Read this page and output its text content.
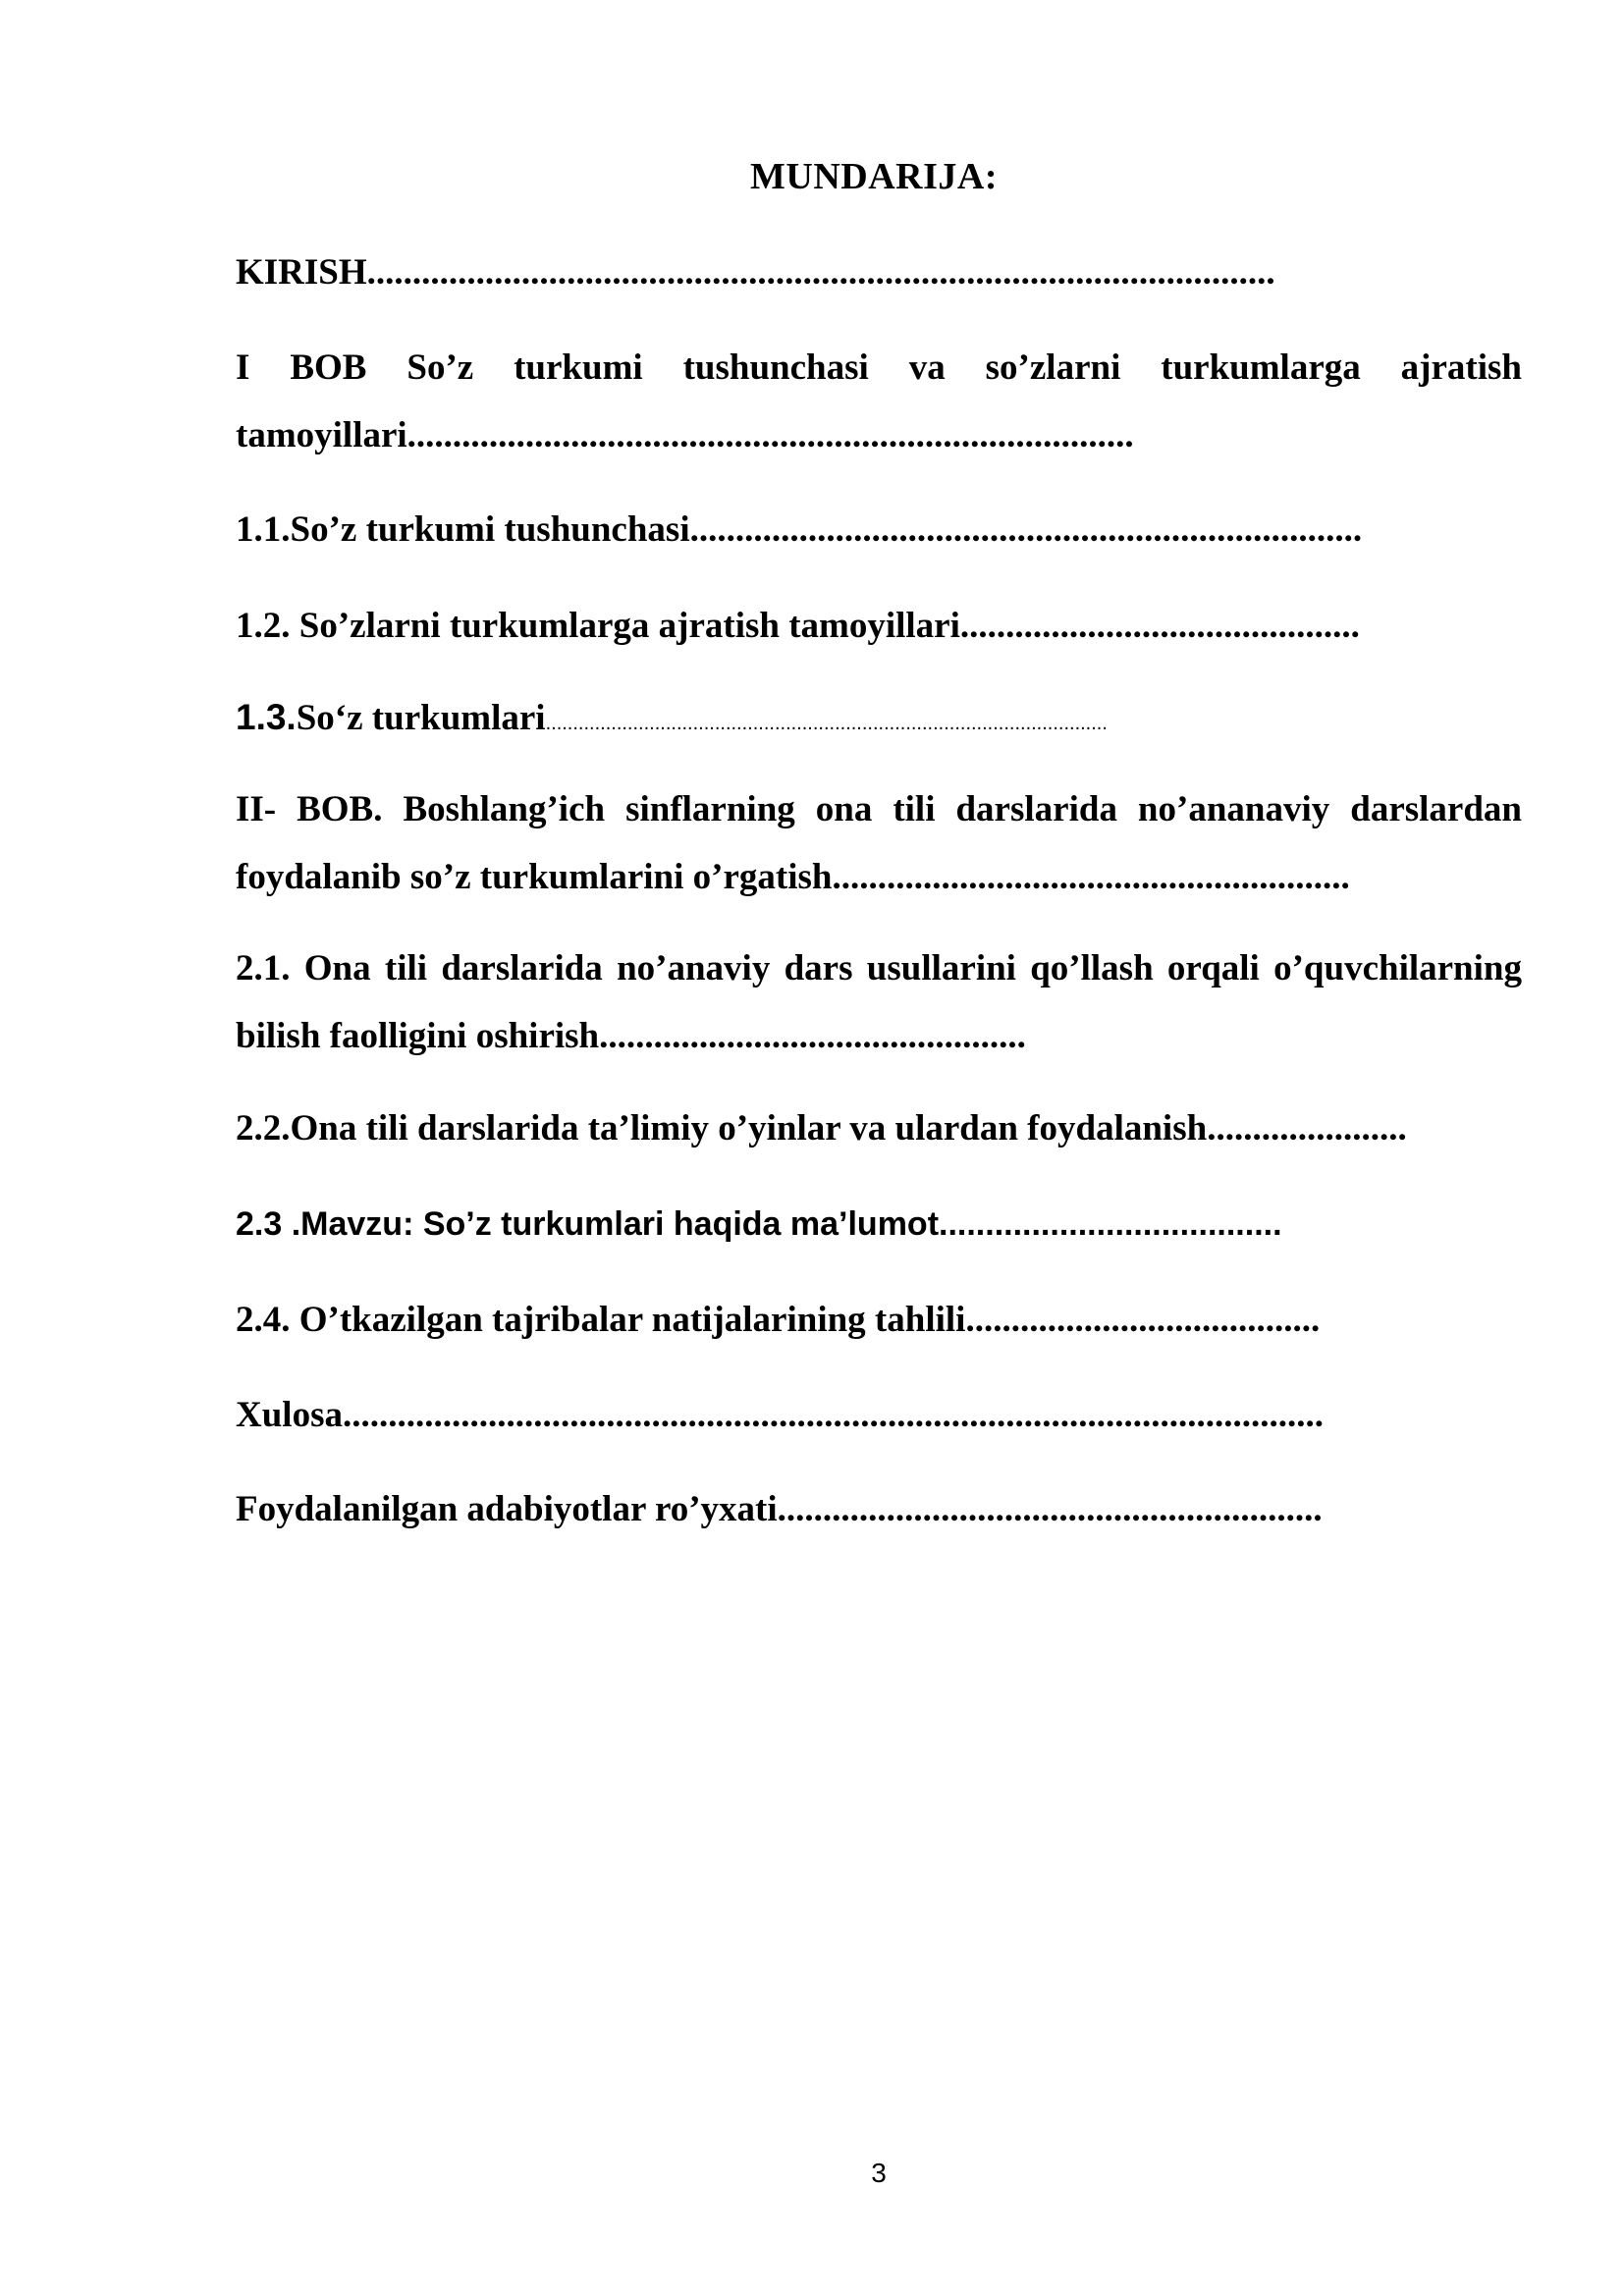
MUNDARIJA:
KIRISH....................................................................................................
I BOB So’z turkumi tushunchasi va so’zlarni turkumlarga ajratish tamoyillari................................................................................
1.1.So’z turkumi tushunchasi..........................................................................
1.2. So’zlarni turkumlarga ajratish tamoyillari............................................
1.3.So‘z turkumlari.......................................................................................................
II- BOB. Boshlang’ich sinflarning ona tili darslarida no’ananaviy darslardan foydalanib so’z turkumlarini o’rgatish.........................................................
2.1. Ona tili darslarida no’anaviy dars usullarini qo’llash orqali o’quvchilarning bilish faolligini oshirish...............................................
2.2.Ona tili darslarida ta’limiy o’yinlar va ulardan foydalanish......................
2.3 .Mavzu: So’z turkumlari haqida ma’lumot.....................................
2.4. O’tkazilgan tajribalar natijalarining tahlili.......................................
Xulosa............................................................................................................
Foydalanilgan adabiyotlar ro’yxati............................................................
3
